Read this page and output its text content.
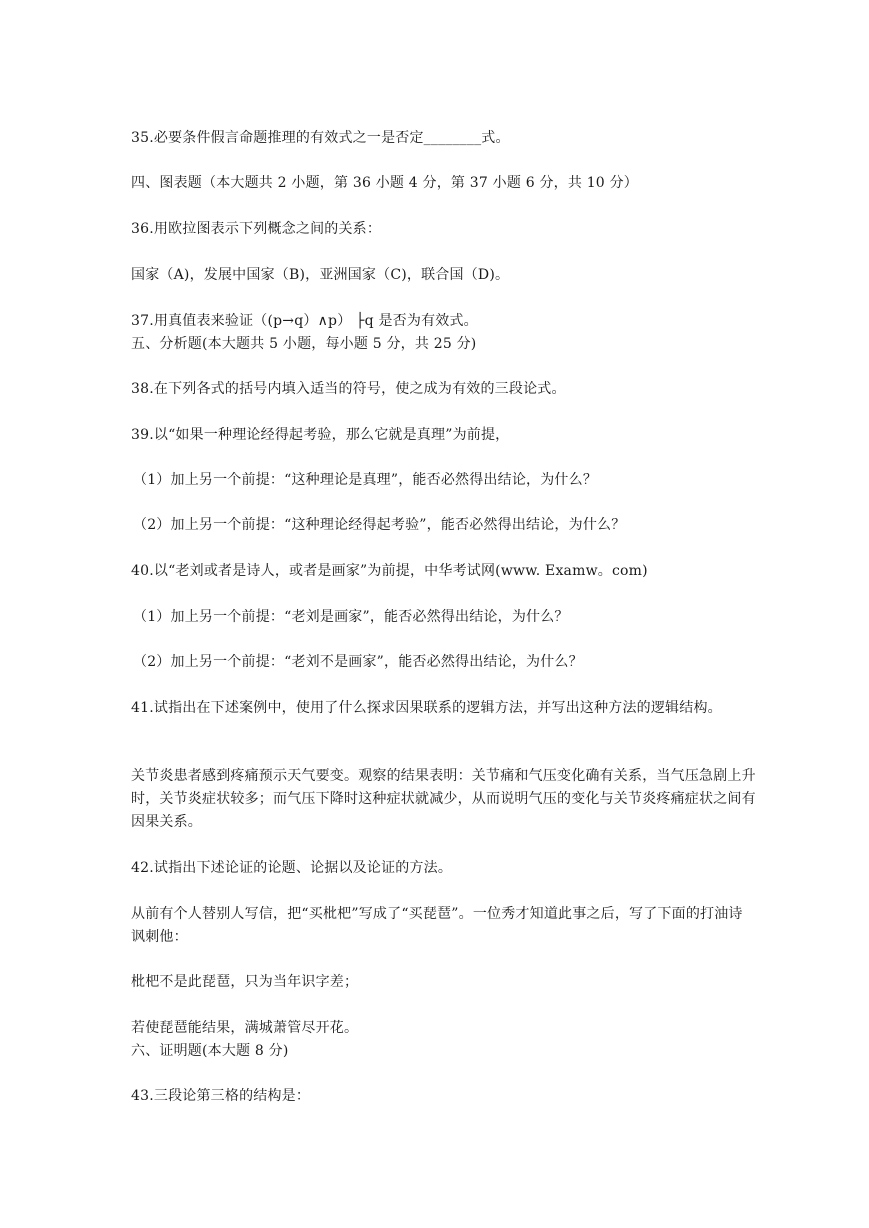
35.必要条件假言命题推理的有效式之一是否定________式。
四、图表题（本大题共 2 小题，第 36 小题 4 分，第 37 小题 6 分，共 10 分）
36.用欧拉图表示下列概念之间的关系：
国家（A)，发展中国家（B)，亚洲国家（C)，联合国（D)。
37.用真值表来验证（(p→q）∧p） ├q 是否为有效式。
五、分析题(本大题共 5 小题，每小题 5 分，共 25 分)
38.在下列各式的括号内填入适当的符号，使之成为有效的三段论式。
39.以“如果一种理论经得起考验，那么它就是真理”为前提，
（1）加上另一个前提：“这种理论是真理”，能否必然得出结论，为什么？
（2）加上另一个前提：“这种理论经得起考验”，能否必然得出结论，为什么？
40.以“老刘或者是诗人，或者是画家”为前提，中华考试网(www. Examw。com)
（1）加上另一个前提：“老刘是画家”，能否必然得出结论，为什么？
（2）加上另一个前提：“老刘不是画家”，能否必然得出结论，为什么？
41.试指出在下述案例中，使用了什么探求因果联系的逻辑方法，并写出这种方法的逻辑结构。
关节炎患者感到疼痛预示天气要变。观察的结果表明：关节痛和气压变化确有关系，当气压急剧上升时，关节炎症状较多；而气压下降时这种症状就减少，从而说明气压的变化与关节炎疼痛症状之间有因果关系。
42.试指出下述论证的论题、论据以及论证的方法。
从前有个人替别人写信，把“买枇杷”写成了“买琵琶”。一位秀才知道此事之后，写了下面的打油诗讽刺他：
枇杷不是此琵琶，只为当年识字差；
若使琵琶能结果，满城萧管尽开花。
六、证明题(本大题 8 分)
43.三段论第三格的结构是：
